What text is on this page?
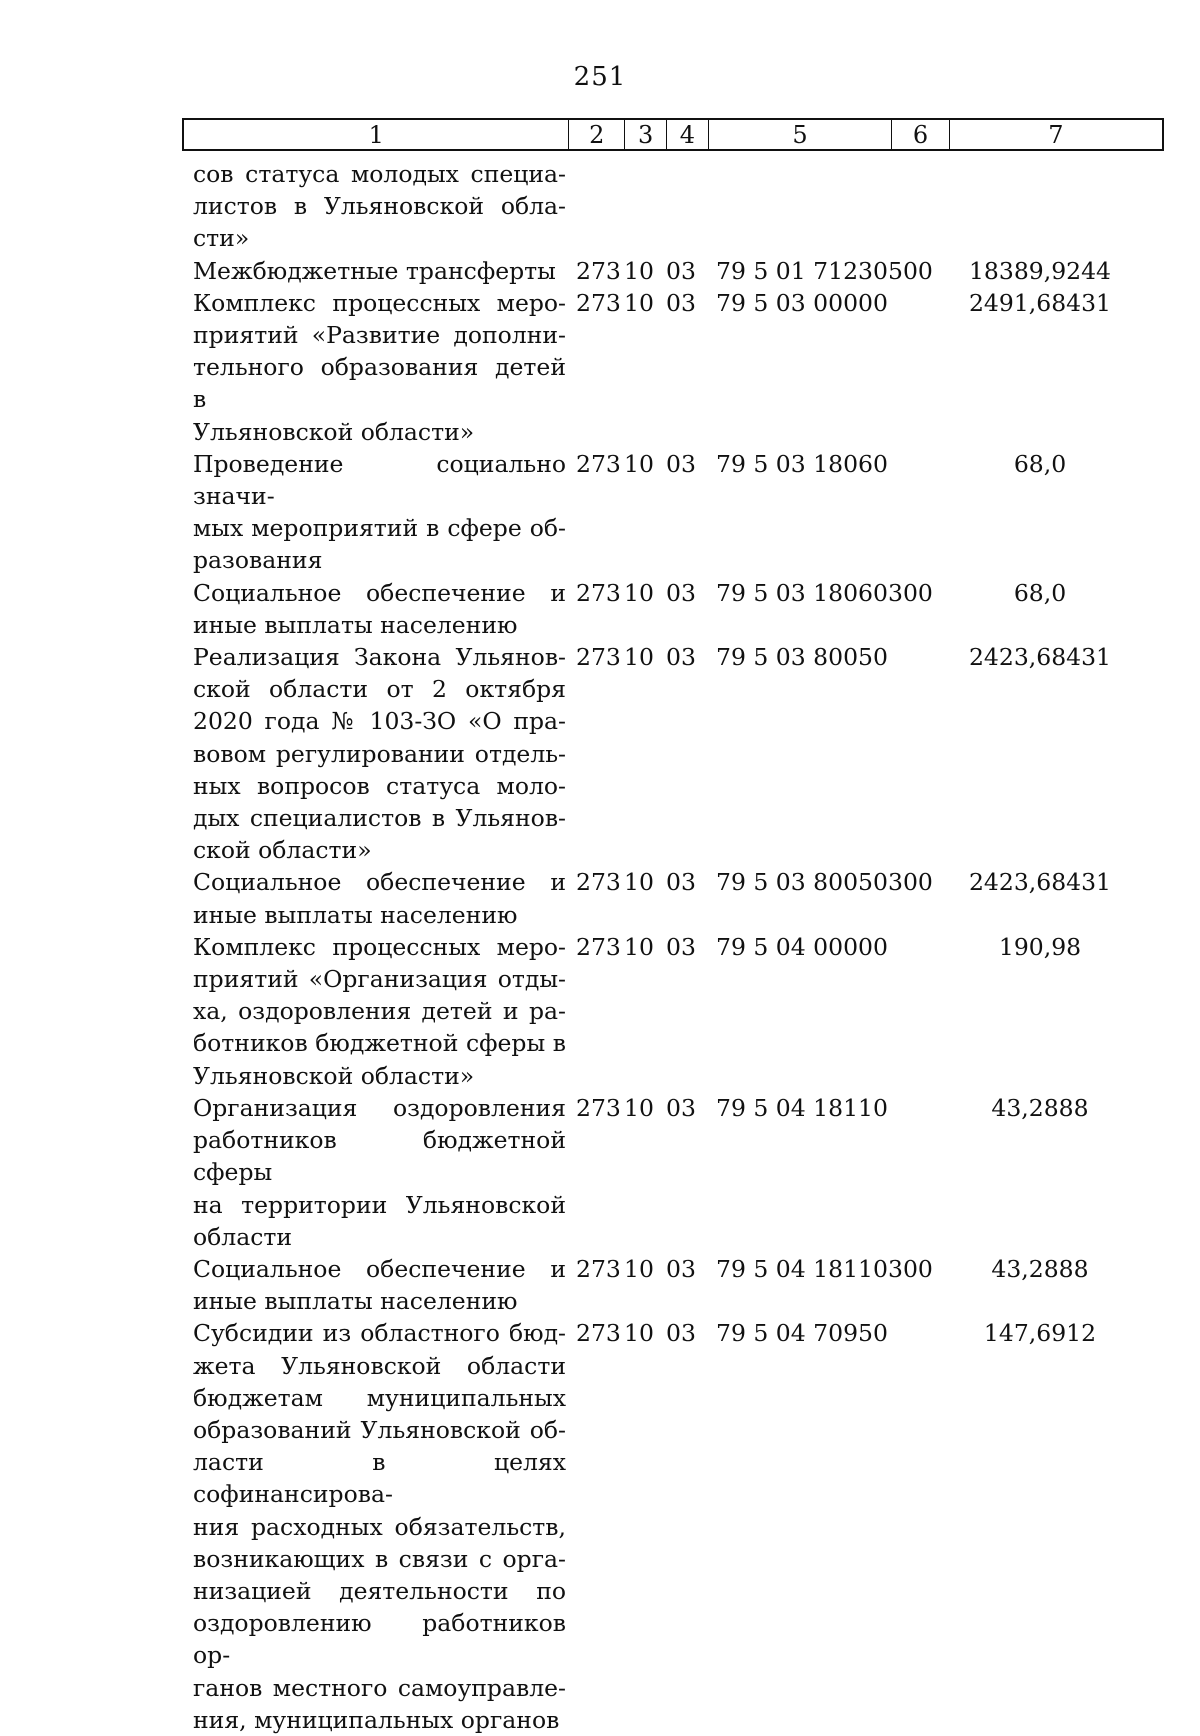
251
1	2	3	4	5	6	7
сов статуса молодых специа-
листов в Ульяновской обла-
сти»
Межбюджетные трансферты 273 10 03 79 5 01 71230 500	18389,9244
Комплекс процессных меро-
приятий «Развитие дополни-
тельного образования детей в
Ульяновской области»
273 10 03 79 5 03 00000	2491,68431
Проведение социально значи-
мых мероприятий в сфере об-
разования
273 10 03 79 5 03 18060	68,0
Социальное обеспечение и
иные выплаты населению
273 10 03 79 5 03 18060 300	68,0
Реализация Закона Ульянов-
ской области от 2 октября
2020 года № 103-ЗО «О пра-
вовом регулировании отдель-
ных вопросов статуса моло-
дых специалистов в Ульянов-
ской области»
273 10 03 79 5 03 80050	2423,68431
Социальное обеспечение и
иные выплаты населению
273 10 03 79 5 03 80050 300	2423,68431
Комплекс процессных меро-
приятий «Организация отды-
ха, оздоровления детей и ра-
ботников бюджетной сферы в
Ульяновской области»
273 10 03 79 5 04 00000	190,98
Организация оздоровления
работников бюджетной сферы
на территории Ульяновской
области
273 10 03 79 5 04 18110	43,2888
Социальное обеспечение и
иные выплаты населению
273 10 03 79 5 04 18110 300	43,2888
Субсидии из областного бюд-
жета Ульяновской области
бюджетам муниципальных
образований Ульяновской об-
ласти в целях софинансирова-
ния расходных обязательств,
возникающих в связи с орга-
низацией деятельности по
оздоровлению работников ор-
ганов местного самоуправле-
ния, муниципальных органов
273 10 03 79 5 04 70950	147,6912
